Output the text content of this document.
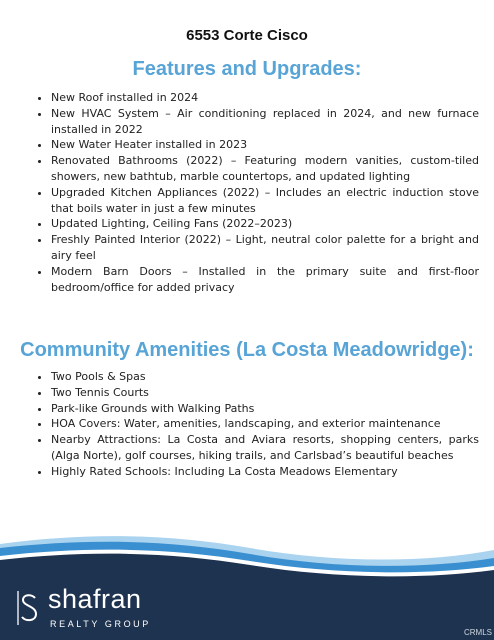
6553 Corte Cisco
Features and Upgrades:
• New Roof installed in 2024
• New HVAC System – Air conditioning replaced in 2024, and new furnace installed in 2022
• New Water Heater installed in 2023
• Renovated Bathrooms (2022) – Featuring modern vanities, custom-tiled showers, new bathtub, marble countertops, and updated lighting
• Upgraded Kitchen Appliances (2022) – Includes an electric induction stove that boils water in just a few minutes
• Updated Lighting, Ceiling Fans (2022–2023)
• Freshly Painted Interior (2022) – Light, neutral color palette for a bright and airy feel
• Modern Barn Doors – Installed in the primary suite and first-floor bedroom/office for added privacy
Community Amenities (La Costa Meadowridge):
• Two Pools & Spas
• Two Tennis Courts
• Park-like Grounds with Walking Paths
• HOA Covers: Water, amenities, landscaping, and exterior maintenance
• Nearby Attractions: La Costa and Aviara resorts, shopping centers, parks (Alga Norte), golf courses, hiking trails, and Carlsbad’s beautiful beaches
• Highly Rated Schools: Including La Costa Meadows Elementary
shafran
REALTY GROUP
CRMLS
